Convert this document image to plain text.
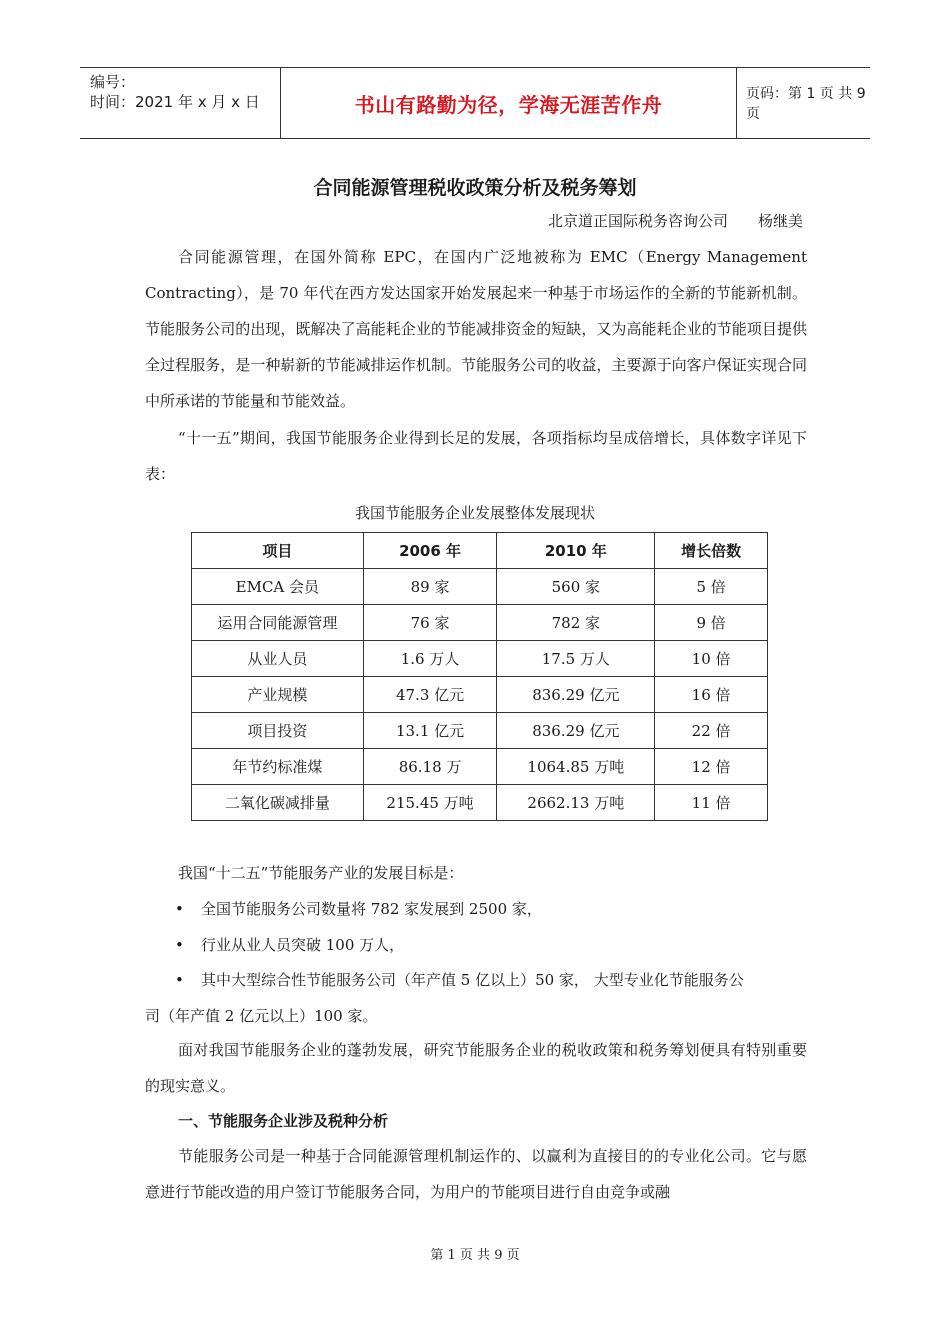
编号：
时间：2021 年 x 月 x 日	书山有路勤为径，学海无涯苦作舟	页码：第 1 页 共 9 页
合同能源管理税收政策分析及税务筹划
北京道正国际税务咨询公司 杨继美

合同能源管理，在国外简称 EPC，在国内广泛地被称为 EMC（Energy Management Contracting），是 70 年代在西方发达国家开始发展起来一种基于市场运作的全新的节能新机制。节能服务公司的出现，既解决了高能耗企业的节能减排资金的短缺，又为高能耗企业的节能项目提供全过程服务，是一种崭新的节能减排运作机制。节能服务公司的收益，主要源于向客户保证实现合同中所承诺的节能量和节能效益。

“十一五”期间，我国节能服务企业得到长足的发展，各项指标均呈成倍增长，具体数字详见下表：

我国节能服务企业发展整体发展现状
项目	2006 年	2010 年	增长倍数
EMCA 会员	89 家	560 家	5 倍
运用合同能源管理	76 家	782 家	9 倍
从业人员	1.6 万人	17.5 万人	10 倍
产业规模	47.3 亿元	836.29 亿元	16 倍
项目投资	13.1 亿元	836.29 亿元	22 倍
年节约标准煤	86.18 万	1064.85 万吨	12 倍
二氧化碳减排量	215.45 万吨	2662.13 万吨	11 倍

我国“十二五”节能服务产业的发展目标是：

• 全国节能服务公司数量将 782 家发展到 2500 家，
• 行业从业人员突破 100 万人，
• 其中大型综合性节能服务公司（年产值 5 亿以上）50 家， 大型专业化节能服务公
司（年产值 2 亿元以上）100 家。

面对我国节能服务企业的蓬勃发展，研究节能服务企业的税收政策和税务筹划便具有特别重要的现实意义。

一、节能服务企业涉及税种分析

节能服务公司是一种基于合同能源管理机制运作的、以赢利为直接目的的专业化公司。它与愿意进行节能改造的用户签订节能服务合同，为用户的节能项目进行自由竞争或融

第 1 页 共 9 页
